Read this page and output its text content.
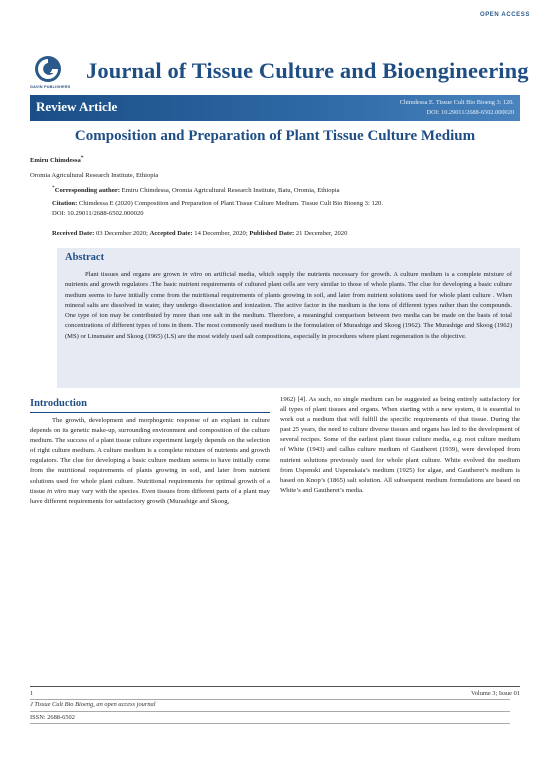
OPEN ACCESS
GAVIN PUBLISHERS
Journal of Tissue Culture and Bioengineering
Review Article	Chimdessa E. Tissue Cult Bio Bioeng 3: 120.
DOI: 10.29011/2688-6502.000020
Composition and Preparation of Plant Tissue Culture Medium
Emiru Chimdessa*
Oromia Agricultural Research Institute, Ethiopia
*Corresponding author: Emiru Chimdessa, Oromia Agricultural Research Institute, Batu, Oromia, Ethiopia
Citation: Chimdessa E (2020) Composition and Preparation of Plant Tissue Culture Medium. Tissue Cult Bio Bioeng 3: 120.
DOI: 10.29011/2688-6502.000020
Received Date: 03 December 2020; Accepted Date: 14 December, 2020; Published Date: 21 December, 2020
Abstract
Plant tissues and organs are grown in vitro on artificial media, which supply the nutrients necessary for growth. A culture medium is a complete mixture of nutrients and growth regulators .The basic nutrient requirements of cultured plant cells are very similar to those of whole plants. The clue for developing a basic culture medium seems to have initially come from the nutritional requirements of plants growing in soil, and later from nutrient solutions used for whole plant culture . When mineral salts are dissolved in water, they undergo dissociation and ionization. The active factor in the medium is the ions of different types rather than the compounds. One type of ion may be contributed by more than one salt in the medium. Therefore, a meaningful comparison between two media can be made on the basis of total concentrations of different types of ions in them. The most commonly used medium is the formulation of Murashige and Skoog (1962). The Murashige and Skoog (1962) (MS) or Linsmaier and Skoog (1965) (LS) are the most widely used salt compositions, especially in procedures where plant regeneration is the objective.
Introduction
The growth, development and morphogenic response of an explant in culture depends on its genetic make-up, surrounding environment and composition of the culture medium. The success of a plant tissue culture experiment largely depends on the selection of right culture medium. A culture medium is a complete mixture of nutrients and growth regulators. The clue for developing a basic culture medium seems to have initially come from the nutritional requirements of plants growing in soil, and later from nutrient solutions used for whole plant culture. Nutritional requirements for optimal growth of a tissue in vitro may vary with the species. Even tissues from different parts of a plant may have different requirements for satisfactory growth (Murashige and Skoog,
1962) [4]. As such, no single medium can be suggested as being entirely satisfactory for all types of plant tissues and organs. When starting with a new system, it is essential to work out a medium that will fulfill the specific requirements of that tissue. During the past 25 years, the need to culture diverse tissues and organs has led to the development of several recipes. Some of the earliest plant tissue culture media, e.g. root culture medium of White (1943) and callus culture medium of Gautheret (1939), were developed from nutrient solutions previously used for whole plant culture. White evolved the medium from Uspenski and Uspenskaia’s medium (1925) for algae, and Gautheret’s medium is based on Knop’s (1865) salt solution. All subsequent medium formulations are based on White’s and Gautheret’s media.
1	Volume 3; Issue 01
J Tissue Cult Bio Bioeng, an open access journal
ISSN: 2688-6502
